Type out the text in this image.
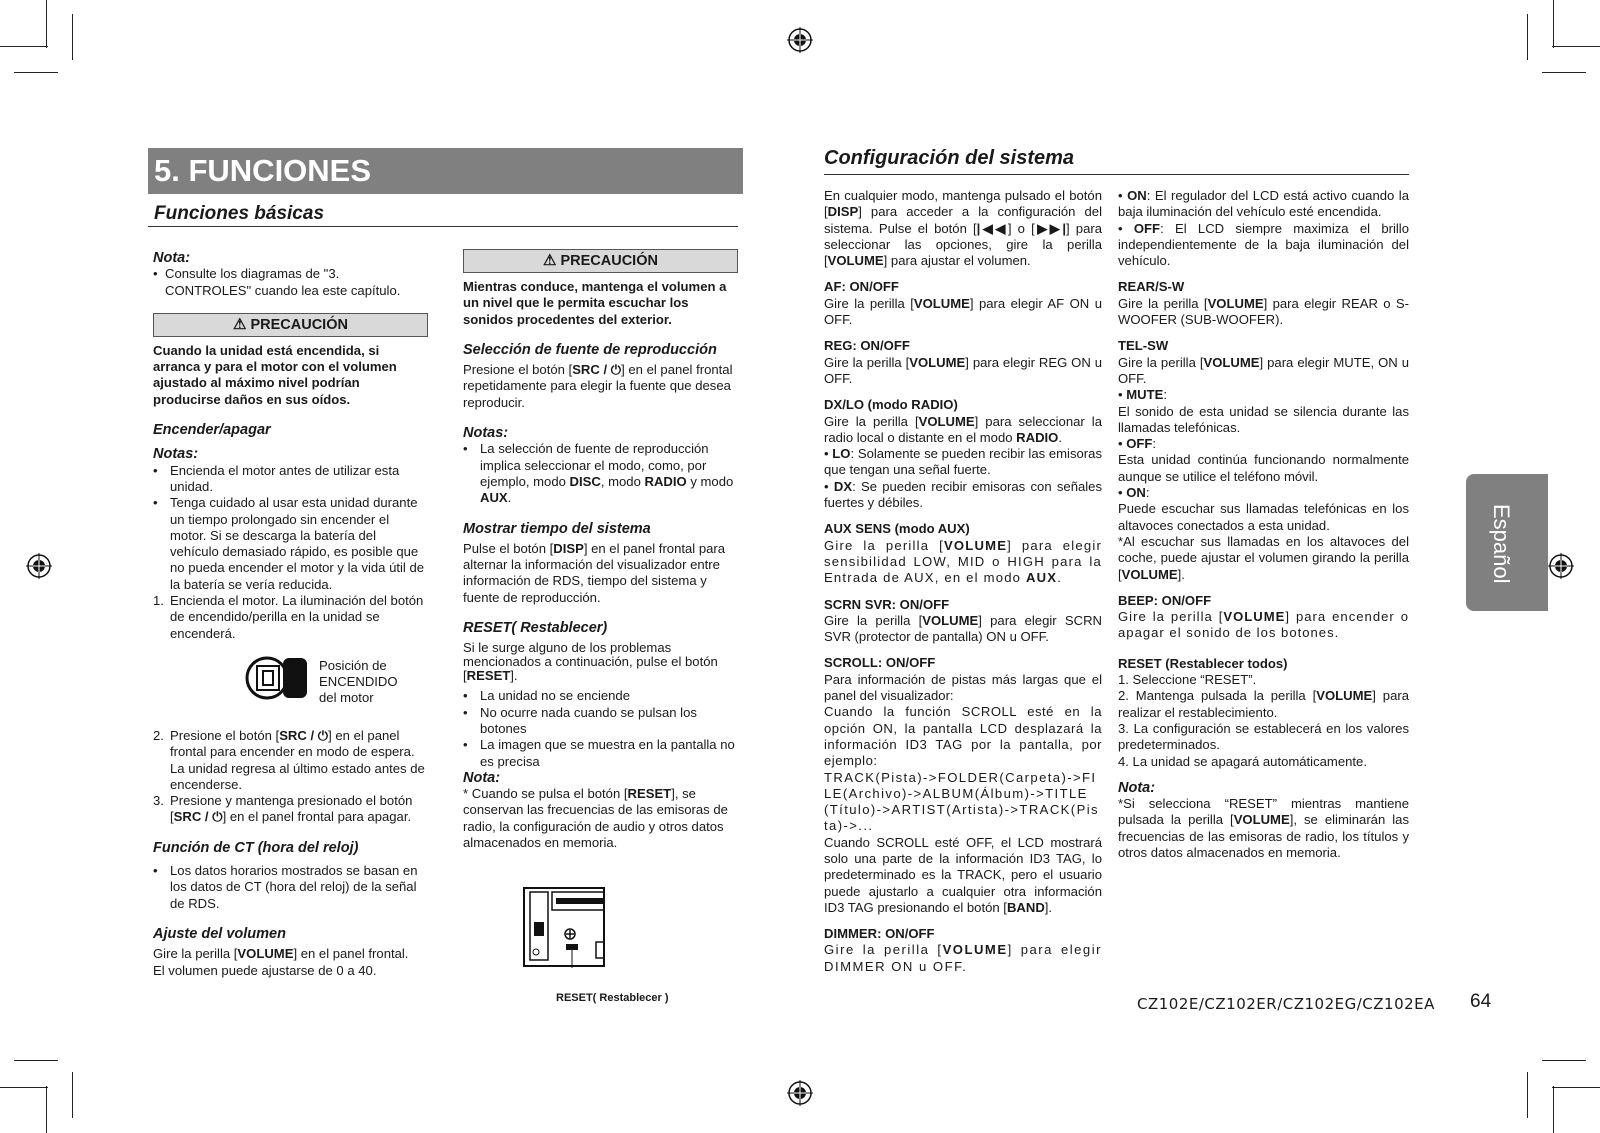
5. FUNCIONES
Funciones básicas
Configuración del sistema
Español

Nota:

• Consulte los diagramas de "3. CONTROLES" cuando lea este capítulo.
⚠ PRECAUCIÓN

Cuando la unidad está encendida, si arranca y para el motor con el volumen ajustado al máximo nivel podrían producirse daños en sus oídos.

Encender/apagar

Notas:

• Encienda el motor antes de utilizar esta unidad.
• Tenga cuidado al usar esta unidad durante un tiempo prolongado sin encender el motor. Si se descarga la batería del vehículo demasiado rápido, es posible que no pueda encender el motor y la vida útil de la batería se vería reducida.
1. Encienda el motor. La iluminación del botón de encendido/perilla en la unidad se encenderá.
Posición de
ENCENDIDO
del motor
2. Presione el botón [SRC / ⏻] en el panel frontal para encender en modo de espera. La unidad regresa al último estado antes de encenderse.
3. Presione y mantenga presionado el botón [SRC / ⏻] en el panel frontal para apagar.

Función de CT (hora del reloj)

• Los datos horarios mostrados se basan en los datos de CT (hora del reloj) de la señal de RDS.

Ajuste del volumen

Gire la perilla [VOLUME] en el panel frontal.
El volumen puede ajustarse de 0 a 40.

⚠ PRECAUCIÓN

Mientras conduce, mantenga el volumen a un nivel que le permita escuchar los sonidos procedentes del exterior.

Selección de fuente de reproducción

Presione el botón [SRC / ⏻] en el panel frontal repetidamente para elegir la fuente que desea reproducir.

Notas:

• La selección de fuente de reproducción implica seleccionar el modo, como, por ejemplo, modo DISC, modo RADIO y modo AUX.

Mostrar tiempo del sistema

Pulse el botón [DISP] en el panel frontal para alternar la información del visualizador entre información de RDS, tiempo del sistema y fuente de reproducción.

RESET( Restablecer)

Si le surge alguno de los problemas mencionados a continuación, pulse el botón [RESET].

• La unidad no se enciende
• No ocurre nada cuando se pulsan los botones
• La imagen que se muestra en la pantalla no es precisa

Nota:

* Cuando se pulsa el botón [RESET], se conservan las frecuencias de las emisoras de radio, la configuración de audio y otros datos almacenados en memoria.

RESET( Restablecer )

En cualquier modo, mantenga pulsado el botón [DISP] para acceder a la configuración del sistema. Pulse el botón [|◀◀] o [▶▶|] para seleccionar las opciones, gire la perilla [VOLUME] para ajustar el volumen.

AF: ON/OFF

Gire la perilla [VOLUME] para elegir AF ON u OFF.

REG: ON/OFF

Gire la perilla [VOLUME] para elegir REG ON u OFF.

DX/LO (modo RADIO)

Gire la perilla [VOLUME] para seleccionar la radio local o distante en el modo RADIO.

• LO: Solamente se pueden recibir las emisoras que tengan una señal fuerte.

• DX: Se pueden recibir emisoras con señales fuertes y débiles.

AUX SENS (modo AUX)

Gire la perilla [VOLUME] para elegir sensibilidad LOW, MID o HIGH para la Entrada de AUX, en el modo AUX.

SCRN SVR: ON/OFF

Gire la perilla [VOLUME] para elegir SCRN SVR (protector de pantalla) ON u OFF.

SCROLL: ON/OFF

Para información de pistas más largas que el panel del visualizador:

Cuando la función SCROLL esté en la opción ON, la pantalla LCD desplazará la información ID3 TAG por la pantalla, por ejemplo:

TRACK(Pista)->FOLDER(Carpeta)->FILE(Archivo)->ALBUM(Álbum)->TITLE(Título)->ARTIST(Artista)->TRACK(Pista)->...

Cuando SCROLL esté OFF, el LCD mostrará solo una parte de la información ID3 TAG, lo predeterminado es la TRACK, pero el usuario puede ajustarlo a cualquier otra información ID3 TAG presionando el botón [BAND].

DIMMER: ON/OFF

Gire la perilla [VOLUME] para elegir DIMMER ON u OFF.

• ON: El regulador del LCD está activo cuando la baja iluminación del vehículo esté encendida.

• OFF: El LCD siempre maximiza el brillo independientemente de la baja iluminación del vehículo.

REAR/S-W

Gire la perilla [VOLUME] para elegir REAR o S-WOOFER (SUB-WOOFER).

TEL-SW

Gire la perilla [VOLUME] para elegir MUTE, ON u OFF.

• MUTE:

El sonido de esta unidad se silencia durante las llamadas telefónicas.

• OFF:

Esta unidad continúa funcionando normalmente aunque se utilice el teléfono móvil.

• ON:

Puede escuchar sus llamadas telefónicas en los altavoces conectados a esta unidad.

*Al escuchar sus llamadas en los altavoces del coche, puede ajustar el volumen girando la perilla [VOLUME].

BEEP: ON/OFF

Gire la perilla [VOLUME] para encender o apagar el sonido de los botones.

RESET (Restablecer todos)

1. Seleccione “RESET”.

2. Mantenga pulsada la perilla [VOLUME] para realizar el restablecimiento.

3. La configuración se establecerá en los valores predeterminados.

4. La unidad se apagará automáticamente.

Nota:

*Si selecciona “RESET” mientras mantiene pulsada la perilla [VOLUME], se eliminarán las frecuencias de las emisoras de radio, los títulos y otros datos almacenados en memoria.

CZ102E/CZ102ER/CZ102EG/CZ102EA 64
